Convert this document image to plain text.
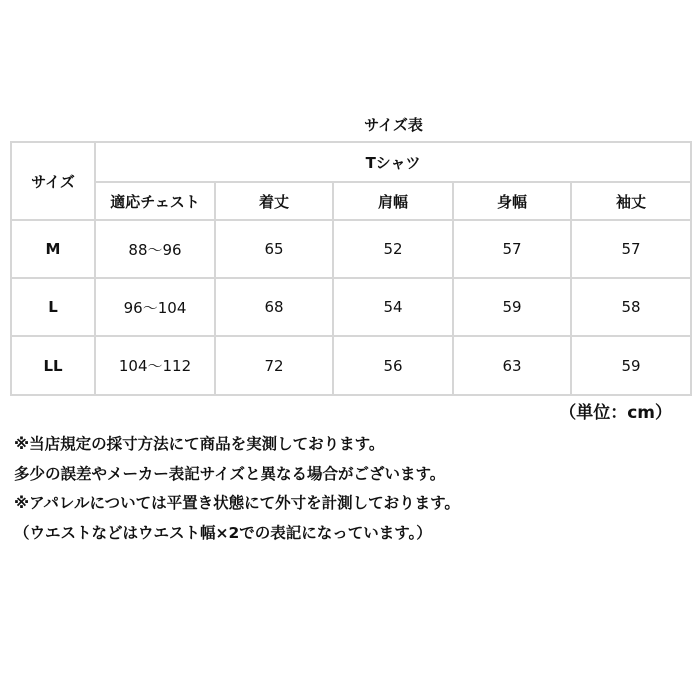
サイズ表
サイズ	Tシャツ				
	適応チェスト	着丈	肩幅	身幅	袖丈
M	88〜96	65	52	57	57
L	96〜104	68	54	59	58
LL	104〜112	72	56	63	59
（単位：cm）
※当店規定の採寸方法にて商品を実測しております。
多少の誤差やメーカー表記サイズと異なる場合がございます。
※アパレルについては平置き状態にて外寸を計測しております。
（ウエストなどはウエスト幅×2での表記になっています。）
